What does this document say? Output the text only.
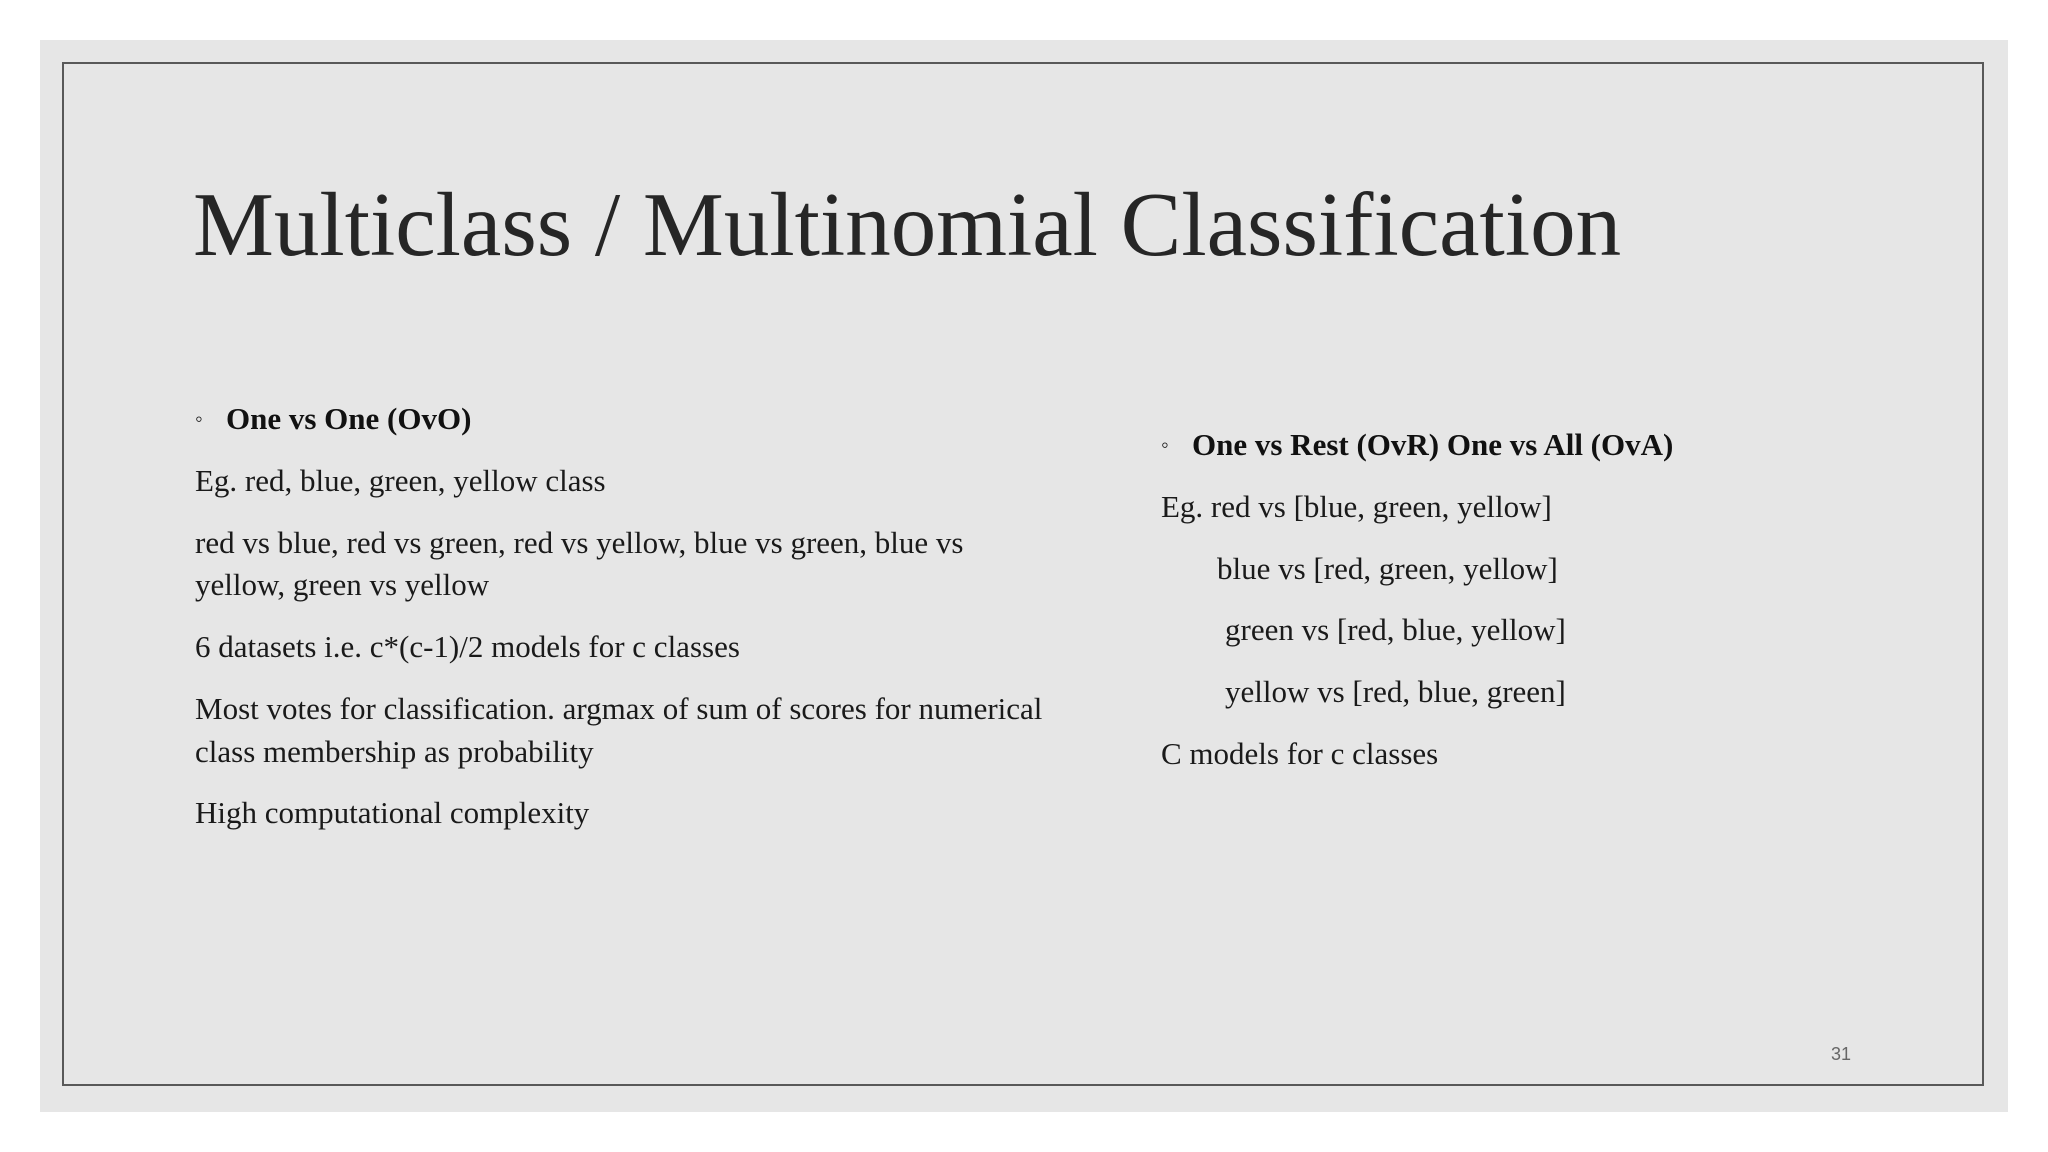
Multiclass / Multinomial Classification

◦ One vs One (OvO)

Eg. red, blue, green, yellow class

red vs blue, red vs green, red vs yellow, blue vs green, blue vs yellow, green vs yellow

6 datasets i.e. c*(c-1)/2 models for c classes

Most votes for classification. argmax of sum of scores for numerical class membership as probability

High computational complexity

◦ One vs Rest (OvR) One vs All (OvA)

Eg. red vs [blue, green, yellow]

blue vs [red, green, yellow]

green vs [red, blue, yellow]

yellow vs [red, blue, green]

C models for c classes

31
